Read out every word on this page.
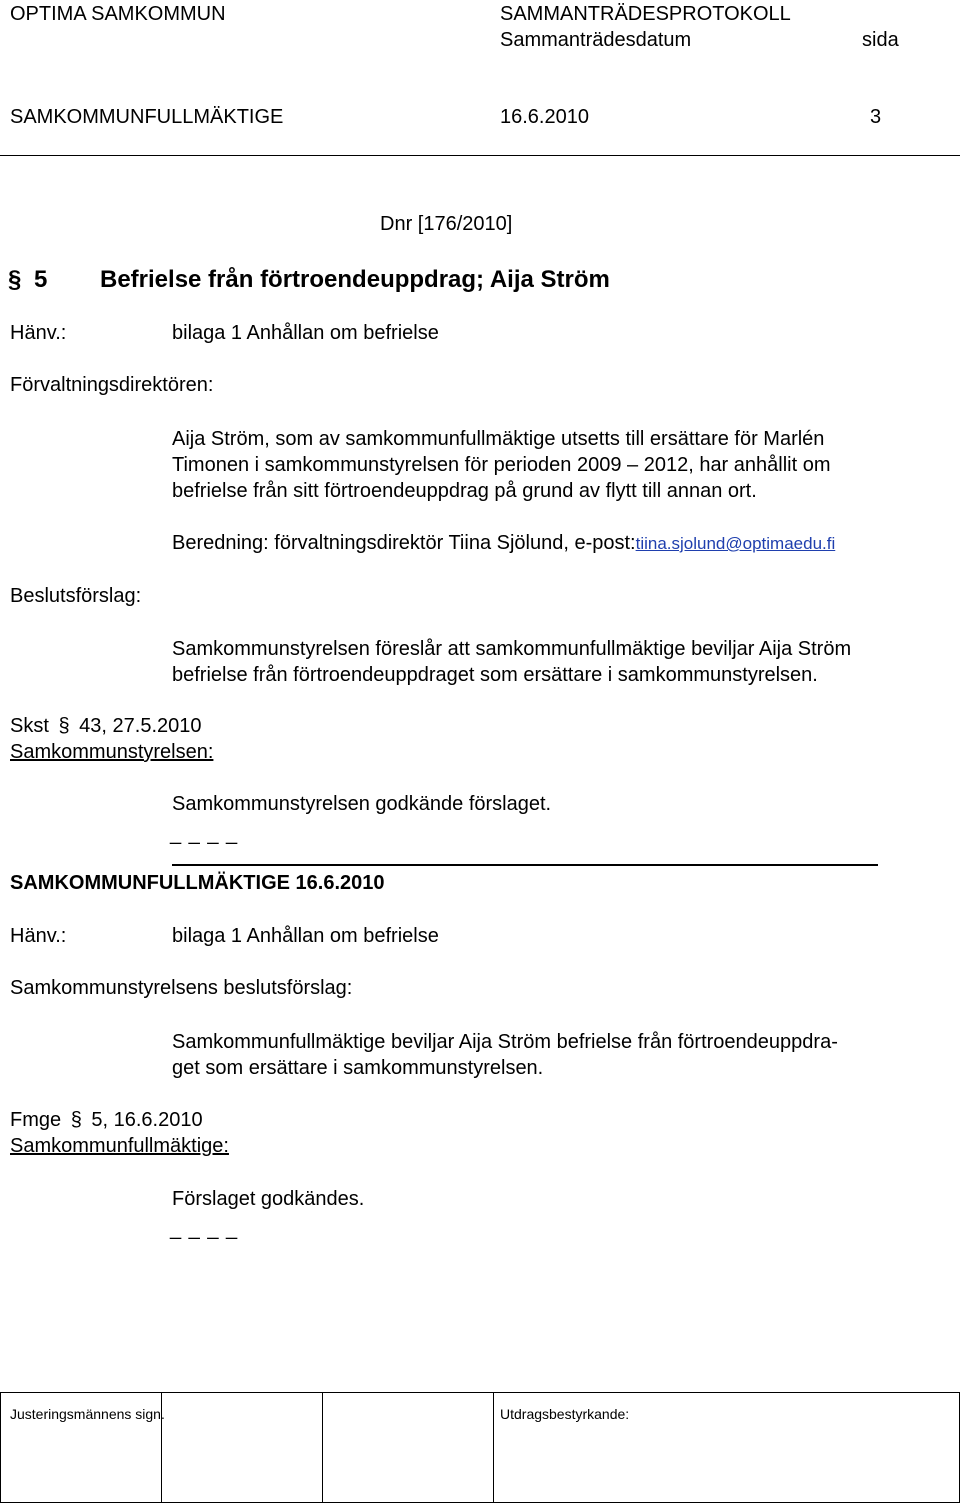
OPTIMA SAMKOMMUN	SAMMANTRÄDESPROTOKOLL
Sammanträdesdatum	sida
SAMKOMMUNFULLMÄKTIGE	16.6.2010	3
Dnr [176/2010]
§ 5 Befrielse från förtroendeuppdrag; Aija Ström
Hänv.:	bilaga 1 Anhållan om befrielse
Förvaltningsdirektören:
Aija Ström, som av samkommunfullmäktige utsetts till ersättare för Marlén
Timonen i samkommunstyrelsen för perioden 2009 – 2012, har anhållit om
befrielse från sitt förtroendeuppdrag på grund av flytt till annan ort.
Beredning: förvaltningsdirektör Tiina Sjölund, e-post:tiina.sjolund@optimaedu.fi
Beslutsförslag:
Samkommunstyrelsen föreslår att samkommunfullmäktige beviljar Aija Ström
befrielse från förtroendeuppdraget som ersättare i samkommunstyrelsen.
Skst § 43, 27.5.2010
Samkommunstyrelsen:
Samkommunstyrelsen godkände förslaget.
_ _ _ _
SAMKOMMUNFULLMÄKTIGE 16.6.2010
Hänv.:	bilaga 1 Anhållan om befrielse
Samkommunstyrelsens beslutsförslag:
Samkommunfullmäktige beviljar Aija Ström befrielse från förtroendeuppdra-
get som ersättare i samkommunstyrelsen.
Fmge § 5, 16.6.2010
Samkommunfullmäktige:
Förslaget godkändes.
_ _ _ _
Justeringsmännens sign.	Utdragsbestyrkande:
